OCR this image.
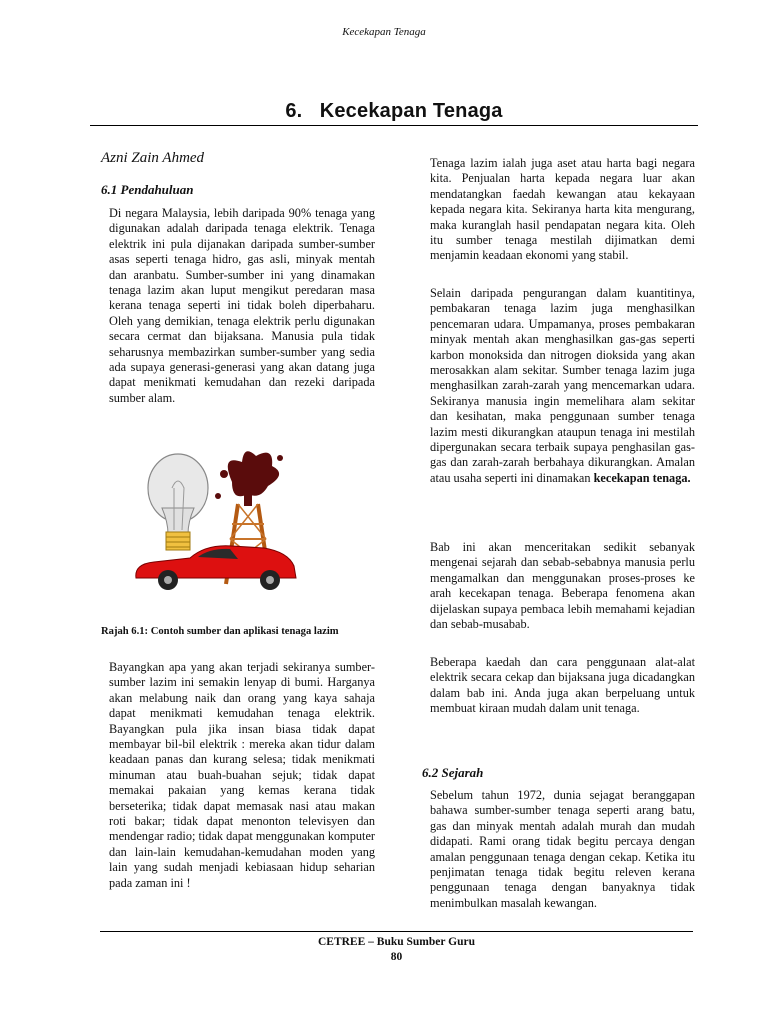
Kecekapan Tenaga
6. Kecekapan Tenaga
Azni Zain Ahmed
6.1 Pendahuluan

Di negara Malaysia, lebih daripada 90% tenaga yang digunakan adalah daripada tenaga elektrik. Tenaga elektrik ini pula dijanakan daripada sumber-sumber asas seperti tenaga hidro, gas asli, minyak mentah dan aranbatu. Sumber-sumber ini yang dinamakan tenaga lazim akan luput mengikut peredaran masa kerana tenaga seperti ini tidak boleh diperbaharu. Oleh yang demikian, tenaga elektrik perlu digunakan secara cermat dan bijaksana. Manusia pula tidak seharusnya membazirkan sumber-sumber yang sedia ada supaya generasi-generasi yang akan datang juga dapat menikmati kemudahan dan rezeki daripada sumber alam.

Rajah 6.1: Contoh sumber dan aplikasi tenaga lazim

Bayangkan apa yang akan terjadi sekiranya sumber-sumber lazim ini semakin lenyap di bumi. Harganya akan melabung naik dan orang yang kaya sahaja dapat menikmati kemudahan tenaga elektrik. Bayangkan pula jika insan biasa tidak dapat membayar bil-bil elektrik : mereka akan tidur dalam keadaan panas dan kurang selesa; tidak menikmati minuman atau buah-buahan sejuk; tidak dapat memakai pakaian yang kemas kerana tidak berseterika; tidak dapat memasak nasi atau makan roti bakar; tidak dapat menonton televisyen dan mendengar radio; tidak dapat menggunakan komputer dan lain-lain kemudahan-kemudahan moden yang lain yang sudah menjadi kebiasaan hidup seharian pada zaman ini !

Tenaga lazim ialah juga aset atau harta bagi negara kita. Penjualan harta kepada negara luar akan mendatangkan faedah kewangan atau kekayaan kepada negara kita. Sekiranya harta kita mengurang, maka kuranglah hasil pendapatan negara kita. Oleh itu sumber tenaga mestilah dijimatkan demi menjamin keadaan ekonomi yang stabil.

Selain daripada pengurangan dalam kuantitinya, pembakaran tenaga lazim juga menghasilkan pencemaran udara. Umpamanya, proses pembakaran minyak mentah akan menghasilkan gas-gas seperti karbon monoksida dan nitrogen dioksida yang akan merosakkan alam sekitar. Sumber tenaga lazim juga menghasilkan zarah-zarah yang mencemarkan udara. Sekiranya manusia ingin memelihara alam sekitar dan kesihatan, maka penggunaan sumber tenaga lazim mesti dikurangkan ataupun tenaga ini mestilah dipergunakan secara terbaik supaya penghasilan gas-gas dan zarah-zarah berbahaya dikurangkan. Amalan atau usaha seperti ini dinamakan kecekapan tenaga.

Bab ini akan menceritakan sedikit sebanyak mengenai sejarah dan sebab-sebabnya manusia perlu mengamalkan dan menggunakan proses-proses ke arah kecekapan tenaga. Beberapa fenomena akan dijelaskan supaya pembaca lebih memahami kejadian dan sebab-musabab.

Beberapa kaedah dan cara penggunaan alat-alat elektrik secara cekap dan bijaksana juga dicadangkan dalam bab ini. Anda juga akan berpeluang untuk membuat kiraan mudah dalam unit tenaga.

6.2 Sejarah

Sebelum tahun 1972, dunia sejagat beranggapan bahawa sumber-sumber tenaga seperti arang batu, gas dan minyak mentah adalah murah dan mudah didapati. Rami orang tidak begitu percaya dengan amalan penggunaan tenaga dengan cekap. Ketika itu penjimatan tenaga tidak begitu releven kerana penggunaan tenaga dengan banyaknya tidak menimbulkan masalah kewangan.

CETREE – Buku Sumber Guru
80
